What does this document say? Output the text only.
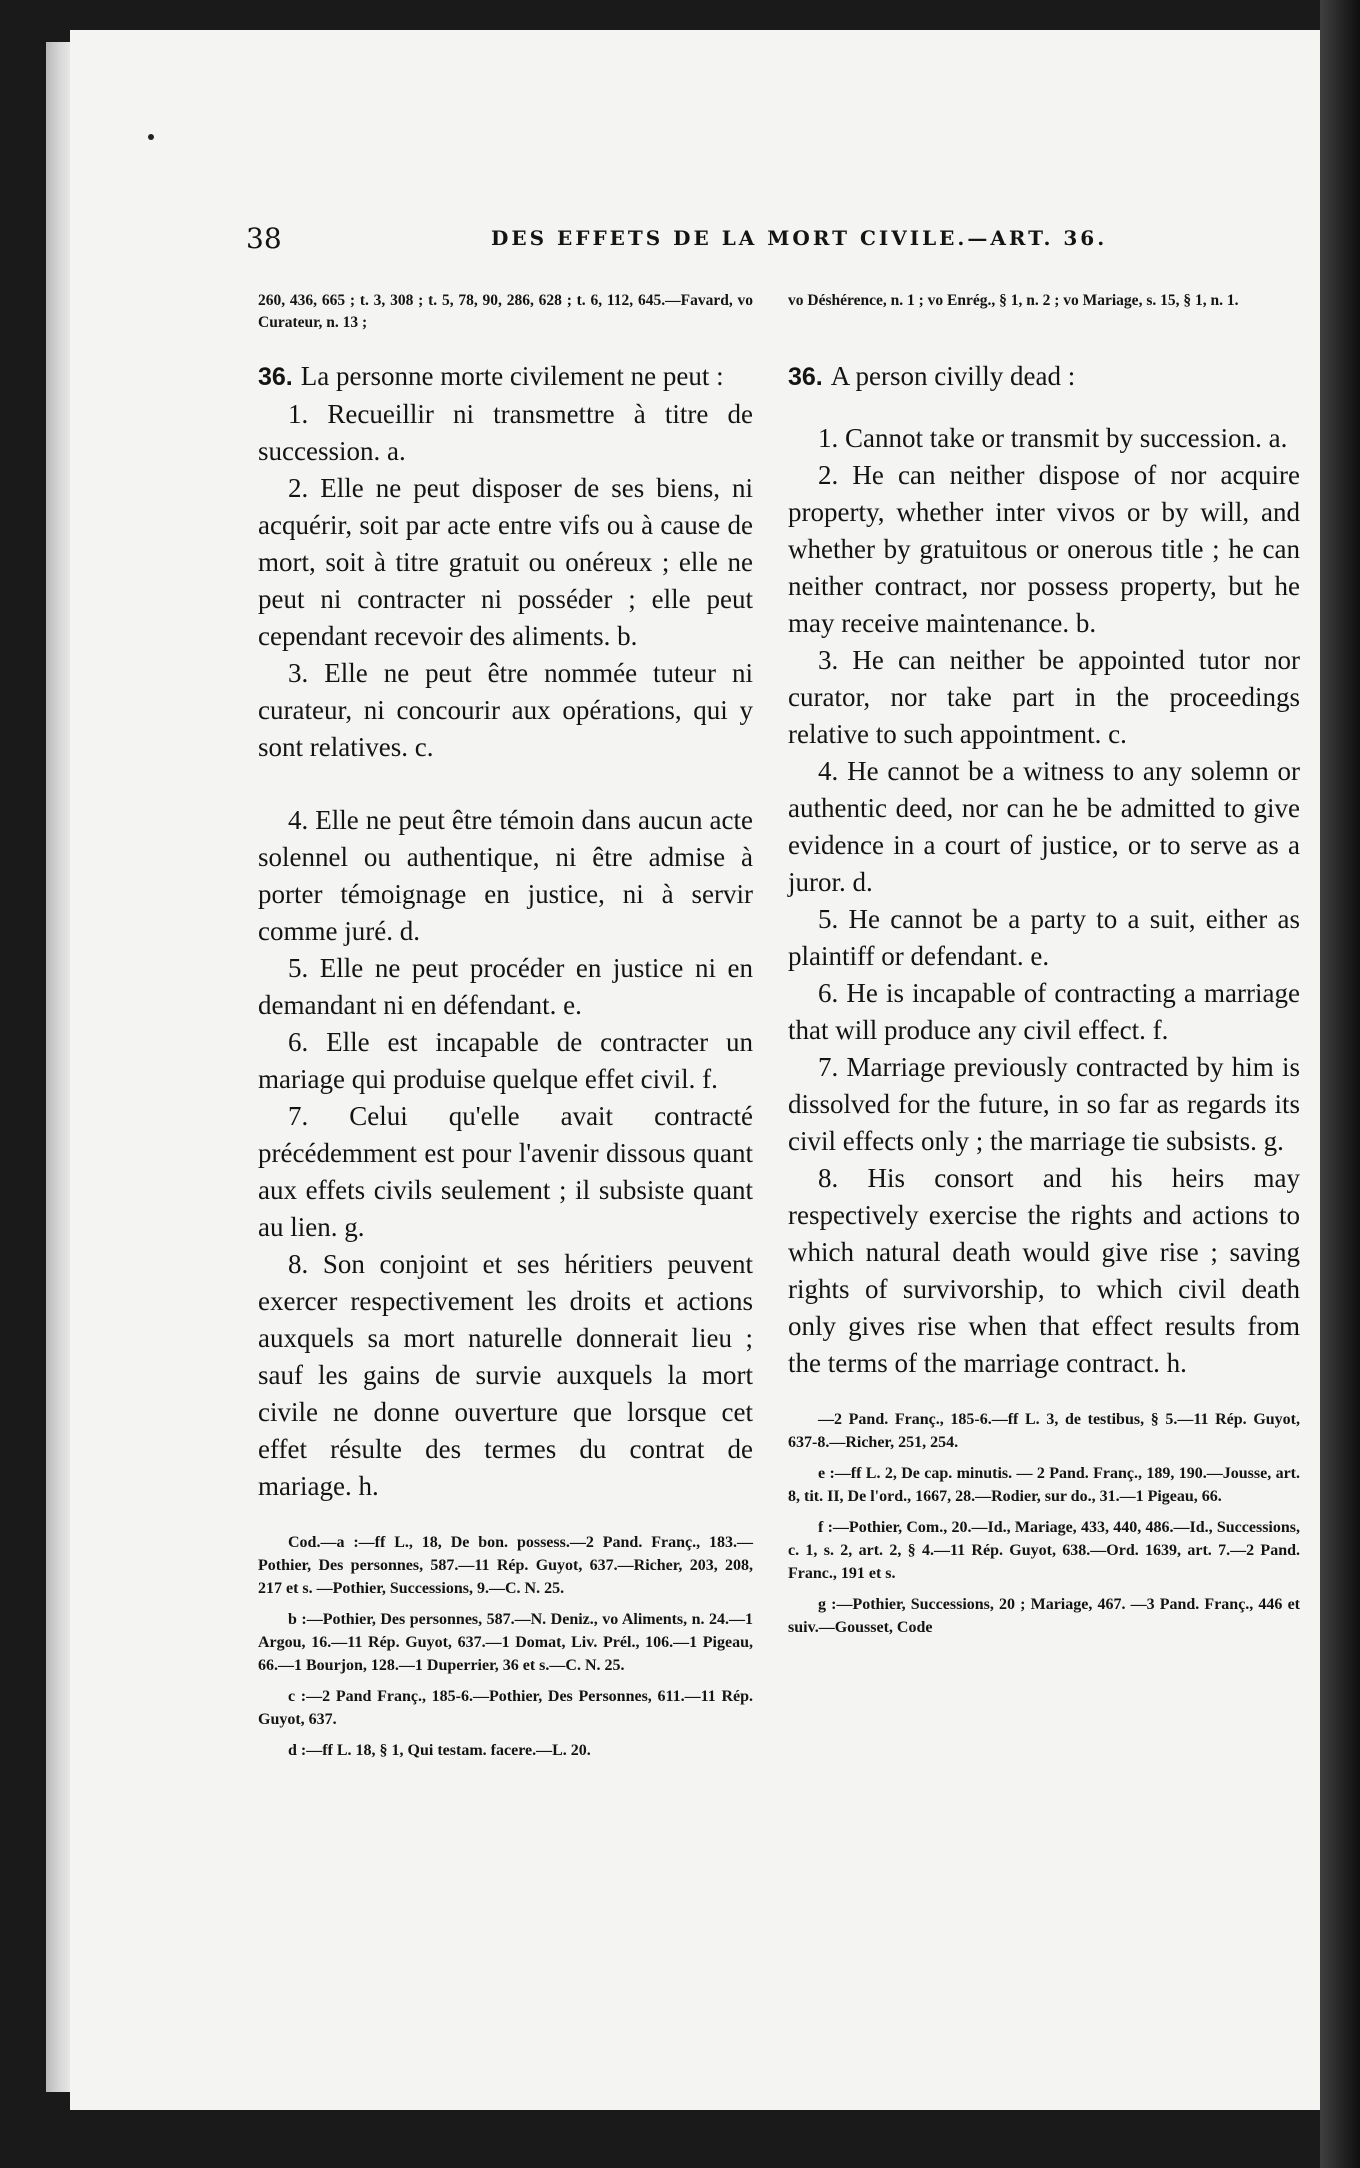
38	DES EFFETS DE LA MORT CIVILE.—ART. 36.
260, 436, 665 ; t. 3, 308 ; t. 5, 78, 90, 286, 628 ; t. 6, 112, 645.—Favard, vo Curateur, n. 13 ;

36. La personne morte civilement ne peut :

1. Recueillir ni transmettre à titre de succession. a.

2. Elle ne peut disposer de ses biens, ni acquérir, soit par acte entre vifs ou à cause de mort, soit à titre gratuit ou onéreux ; elle ne peut ni contracter ni posséder ; elle peut cependant recevoir des aliments. b.

3. Elle ne peut être nommée tuteur ni curateur, ni concourir aux opérations, qui y sont relatives. c.

4. Elle ne peut être témoin dans aucun acte solennel ou authentique, ni être admise à porter témoignage en justice, ni à servir comme juré. d.

5. Elle ne peut procéder en justice ni en demandant ni en défendant. e.

6. Elle est incapable de contracter un mariage qui produise quelque effet civil. f.

7. Celui qu'elle avait contracté précédemment est pour l'avenir dissous quant aux effets civils seulement ; il subsiste quant au lien. g.

8. Son conjoint et ses héritiers peuvent exercer respectivement les droits et actions auxquels sa mort naturelle donnerait lieu ; sauf les gains de survie auxquels la mort civile ne donne ouverture que lorsque cet effet résulte des termes du contrat de mariage. h.

Cod.—a :—ff L., 18, De bon. possess.—2 Pand. Franç., 183.—Pothier, Des personnes, 587.—11 Rép. Guyot, 637.—Richer, 203, 208, 217 et s. —Pothier, Successions, 9.—C. N. 25.

b :—Pothier, Des personnes, 587.—N. Deniz., vo Aliments, n. 24.—1 Argou, 16.—11 Rép. Guyot, 637.—1 Domat, Liv. Prél., 106.—1 Pigeau, 66.—1 Bourjon, 128.—1 Duperrier, 36 et s.—C. N. 25.

c :—2 Pand Franç., 185-6.—Pothier, Des Personnes, 611.—11 Rép. Guyot, 637.

d :—ff L. 18, § 1, Qui testam. facere.—L. 20.

vo Déshérence, n. 1 ; vo Enrég., § 1, n. 2 ; vo Mariage, s. 15, § 1, n. 1.

36. A person civilly dead :

1. Cannot take or transmit by succession. a.

2. He can neither dispose of nor acquire property, whether inter vivos or by will, and whether by gratuitous or onerous title ; he can neither contract, nor possess property, but he may receive maintenance. b.

3. He can neither be appointed tutor nor curator, nor take part in the proceedings relative to such appointment. c.

4. He cannot be a witness to any solemn or authentic deed, nor can he be admitted to give evidence in a court of justice, or to serve as a juror. d.

5. He cannot be a party to a suit, either as plaintiff or defendant. e.

6. He is incapable of contracting a marriage that will produce any civil effect. f.

7. Marriage previously contracted by him is dissolved for the future, in so far as regards its civil effects only ; the marriage tie subsists. g.

8. His consort and his heirs may respectively exercise the rights and actions to which natural death would give rise ; saving rights of survivorship, to which civil death only gives rise when that effect results from the terms of the marriage contract. h.

—2 Pand. Franç., 185-6.—ff L. 3, de testibus, § 5.—11 Rép. Guyot, 637-8.—Richer, 251, 254.

e :—ff L. 2, De cap. minutis. — 2 Pand. Franç., 189, 190.—Jousse, art. 8, tit. II, De l'ord., 1667, 28.—Rodier, sur do., 31.—1 Pigeau, 66.

f :—Pothier, Com., 20.—Id., Mariage, 433, 440, 486.—Id., Successions, c. 1, s. 2, art. 2, § 4.—11 Rép. Guyot, 638.—Ord. 1639, art. 7.—2 Pand. Franc., 191 et s.

g :—Pothier, Successions, 20 ; Mariage, 467. —3 Pand. Franç., 446 et suiv.—Gousset, Code
